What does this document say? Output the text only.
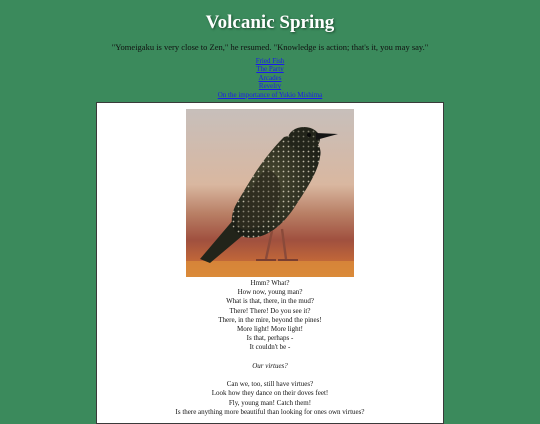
Volcanic Spring
"Yomeigaku is very close to Zen," he resumed. "Knowledge is action; that's it, you may say."
Fried Fish
The Party
Arcades
Revelry
On the importance of Yukio Mishima
Hmm? What?
How now, young man?
What is that, there, in the mud?
There! There! Do you see it?
There, in the mire, beyond the pines!
More light! More light!
Is that, perhaps -
It couldn't be -
Our virtues?
Can we, too, still have virtues?
Look how they dance on their doves feet!
Fly, young man! Catch them!
Is there anything more beautiful than looking for ones own virtues?
